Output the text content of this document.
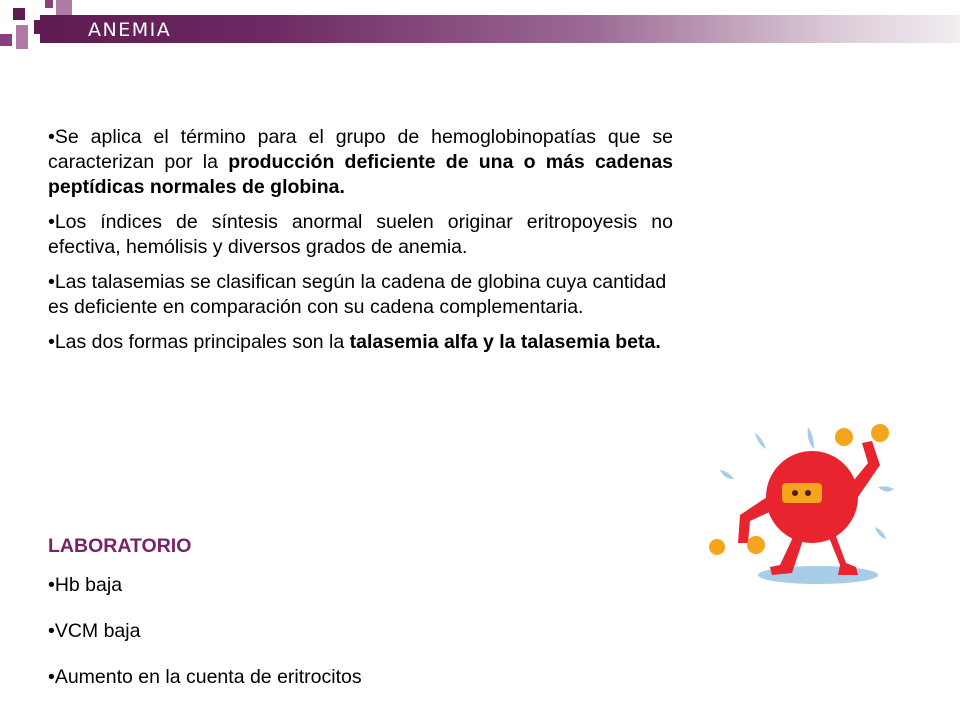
ANEMIA

•Se aplica el término para el grupo de hemoglobinopatías que se caracterizan por la producción deficiente de una o más cadenas peptídicas normales de globina.

•Los índices de síntesis anormal suelen originar eritropoyesis no efectiva, hemólisis y diversos grados de anemia.

•Las talasemias se clasifican según la cadena de globina cuya cantidad es deficiente en comparación con su cadena complementaria.

•Las dos formas principales son la talasemia alfa y la talasemia beta.

LABORATORIO
•Hb baja
•VCM baja
•Aumento en la cuenta de eritrocitos
